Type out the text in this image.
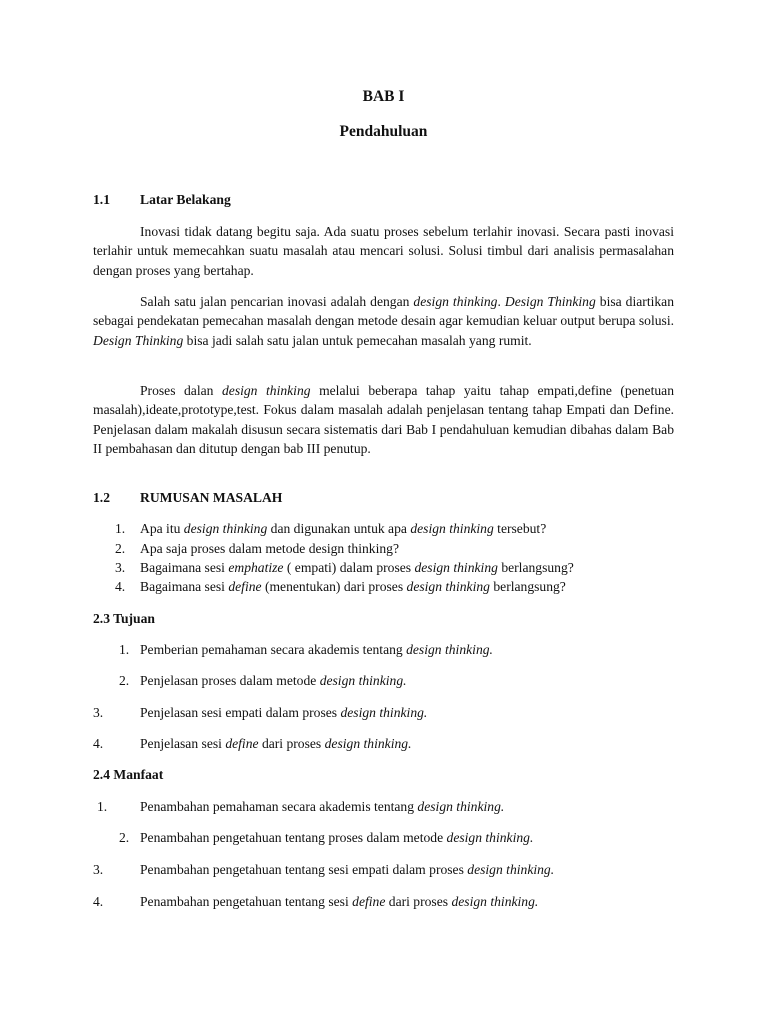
BAB I
Pendahuluan
1.1 Latar Belakang
Inovasi tidak datang begitu saja. Ada suatu proses sebelum terlahir inovasi. Secara pasti inovasi terlahir untuk memecahkan suatu masalah atau mencari solusi. Solusi timbul dari analisis permasalahan dengan proses yang bertahap.
Salah satu jalan pencarian inovasi adalah dengan design thinking. Design Thinking bisa diartikan sebagai pendekatan pemecahan masalah dengan metode desain agar kemudian keluar output berupa solusi. Design Thinking bisa jadi salah satu jalan untuk pemecahan masalah yang rumit.
Proses dalan design thinking melalui beberapa tahap yaitu tahap empati,define (penetuan masalah),ideate,prototype,test. Fokus dalam masalah adalah penjelasan tentang tahap Empati dan Define. Penjelasan dalam makalah disusun secara sistematis dari Bab I pendahuluan kemudian dibahas dalam Bab II pembahasan dan ditutup dengan bab III penutup.
1.2 RUMUSAN MASALAH
1. Apa itu design thinking dan digunakan untuk apa design thinking tersebut?
2. Apa saja proses dalam metode design thinking?
3. Bagaimana sesi emphatize ( empati) dalam proses design thinking berlangsung?
4. Bagaimana sesi define (menentukan) dari proses design thinking berlangsung?
2.3 Tujuan
1. Pemberian pemahaman secara akademis tentang design thinking.
2. Penjelasan proses dalam metode design thinking.
3.	Penjelasan sesi empati dalam proses design thinking.
4.	Penjelasan sesi define dari proses design thinking.
2.4 Manfaat
1. Penambahan pemahaman secara akademis tentang design thinking.
2. Penambahan pengetahuan tentang proses dalam metode design thinking.
3.	Penambahan pengetahuan tentang sesi empati dalam proses design thinking.
4.	Penambahan pengetahuan tentang sesi define dari proses design thinking.
